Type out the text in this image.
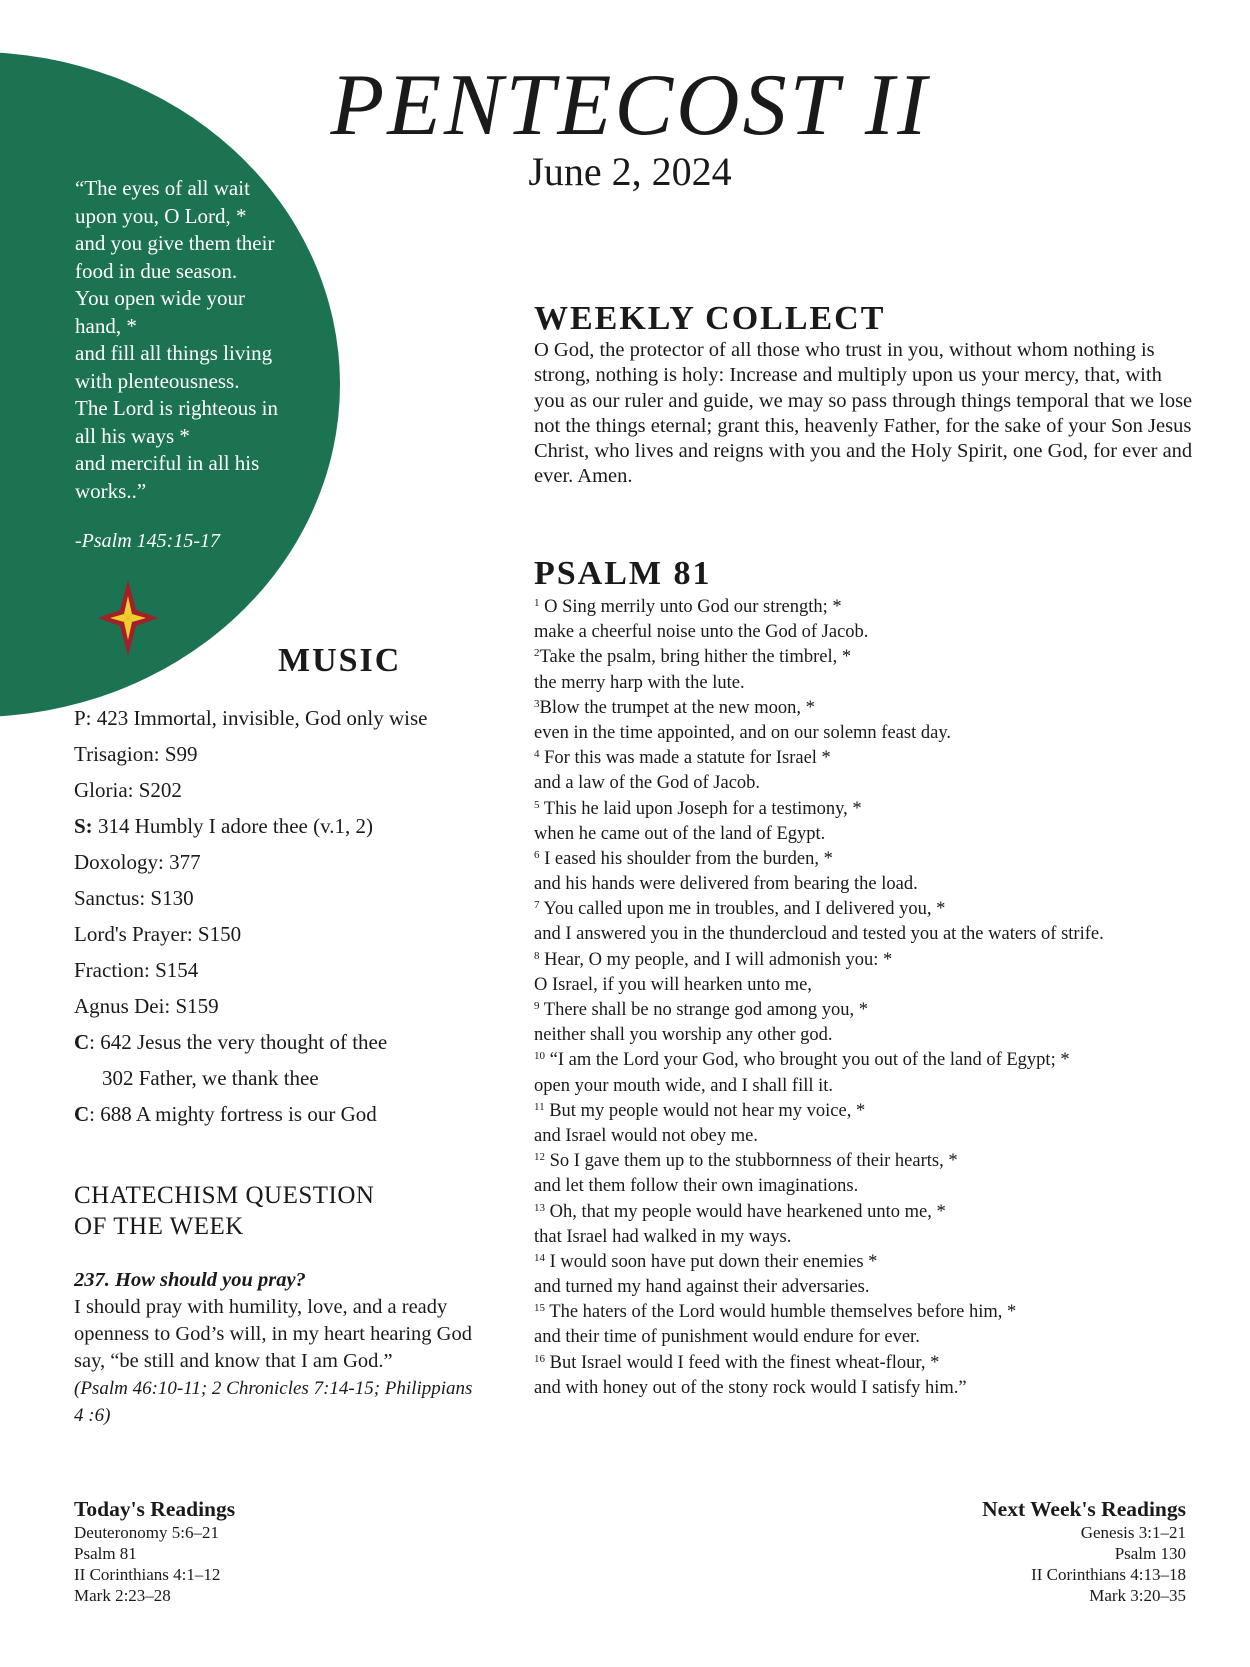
PENTECOST II
June 2, 2024
“The eyes of all wait
upon you, O Lord, *
and you give them their
food in due season.
You open wide your
hand, *
and fill all things living
with plenteousness.
The Lord is righteous in
all his ways *
and merciful in all his
works..”
-Psalm 145:15-17
MUSIC
P: 423 Immortal, invisible, God only wise
Trisagion: S99
Gloria: S202
S: 314 Humbly I adore thee (v.1, 2)
Doxology: 377
Sanctus: S130
Lord's Prayer: S150
Fraction: S154
Agnus Dei: S159
C: 642 Jesus the very thought of thee
302 Father, we thank thee
C: 688 A mighty fortress is our God
CHATECHISM QUESTION
OF THE WEEK
237. How should you pray?
I should pray with humility, love, and a ready openness to God’s will, in my heart hearing God say, “be still and know that I am God.”
(Psalm 46:10-11; 2 Chronicles 7:14-15; Philippians 4 :6)
WEEKLY COLLECT
O God, the protector of all those who trust in you, without whom nothing is strong, nothing is holy: Increase and multiply upon us your mercy, that, with you as our ruler and guide, we may so pass through things temporal that we lose not the things eternal; grant this, heavenly Father, for the sake of your Son Jesus Christ, who lives and reigns with you and the Holy Spirit, one God, for ever and ever. Amen.
PSALM 81
$^1$ O Sing merrily unto God our strength; *
make a cheerful noise unto the God of Jacob.
$^2$Take the psalm, bring hither the timbrel, *
the merry harp with the lute.
$^3$Blow the trumpet at the new moon, *
even in the time appointed, and on our solemn feast day.
$^4$ For this was made a statute for Israel *
and a law of the God of Jacob.
$^5$ This he laid upon Joseph for a testimony, *
when he came out of the land of Egypt.
$^6$ I eased his shoulder from the burden, *
and his hands were delivered from bearing the load.
$^7$ You called upon me in troubles, and I delivered you, *
and I answered you in the thundercloud and tested you at the waters of strife.
$^8$ Hear, O my people, and I will admonish you: *
O Israel, if you will hearken unto me,
$^9$ There shall be no strange god among you, *
neither shall you worship any other god.
$^{10}$ “I am the Lord your God, who brought you out of the land of Egypt; *
open your mouth wide, and I shall fill it.
$^{11}$ But my people would not hear my voice, *
and Israel would not obey me.
$^{12}$ So I gave them up to the stubbornness of their hearts, *
and let them follow their own imaginations.
$^{13}$ Oh, that my people would have hearkened unto me, *
that Israel had walked in my ways.
$^{14}$ I would soon have put down their enemies *
and turned my hand against their adversaries.
$^{15}$ The haters of the Lord would humble themselves before him, *
and their time of punishment would endure for ever.
$^{16}$ But Israel would I feed with the finest wheat-flour, *
and with honey out of the stony rock would I satisfy him.”
Today's Readings
Deuteronomy 5:6–21
Psalm 81
II Corinthians 4:1–12
Mark 2:23–28
Next Week's Readings
Genesis 3:1–21
Psalm 130
II Corinthians 4:13–18
Mark 3:20–35
